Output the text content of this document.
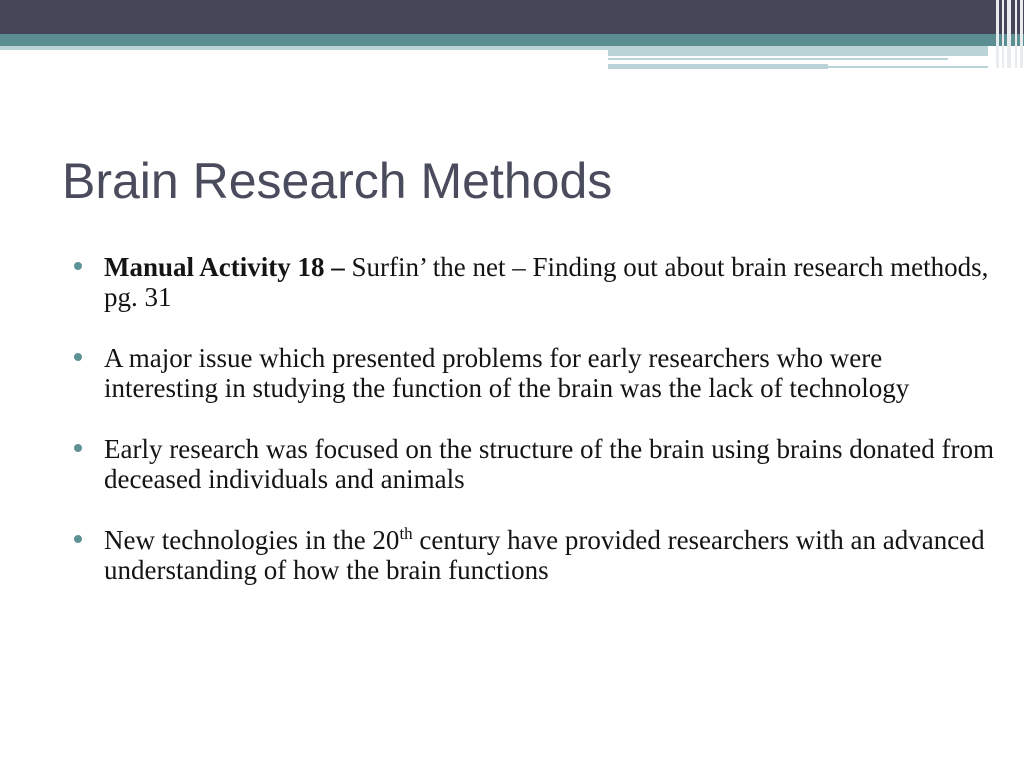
Brain Research Methods
Manual Activity 18 – Surfin’ the net – Finding out about brain research methods, pg. 31
A major issue which presented problems for early researchers who were interesting in studying the function of the brain was the lack of technology
Early research was focused on the structure of the brain using brains donated from deceased individuals and animals
New technologies in the 20th century have provided researchers with an advanced understanding of how the brain functions
